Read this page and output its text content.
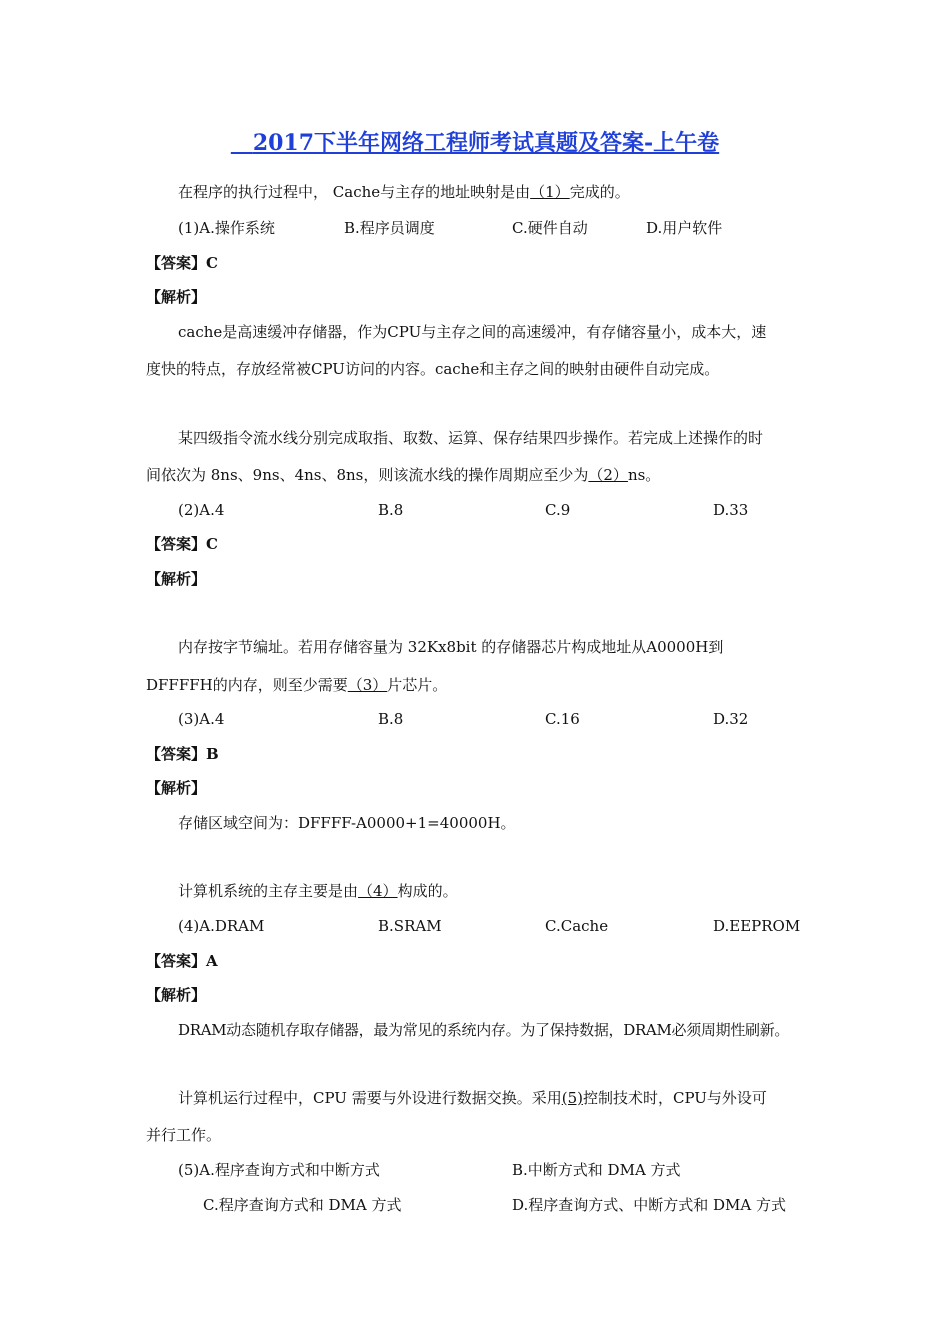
 2017下半年网络工程师考试真题及答案-上午卷
在程序的执行过程中， Cache与主存的地址映射是由（1）完成的。
(1)A.操作系统	B.程序员调度	C.硬件自动	D.用户软件
【答案】C
【解析】
cache是高速缓冲存储器，作为CPU与主存之间的高速缓冲，有存储容量小，成本大，速
度快的特点，存放经常被CPU访问的内容。cache和主存之间的映射由硬件自动完成。
某四级指令流水线分别完成取指、取数、运算、保存结果四步操作。若完成上述操作的时
间依次为 8ns、9ns、4ns、8ns，则该流水线的操作周期应至少为（2）ns。
(2)A.4	B.8	C.9	D.33
【答案】C
【解析】
内存按字节编址。若用存储容量为 32Kx8bit 的存储器芯片构成地址从A0000H到
DFFFFH的内存，则至少需要（3）片芯片。
(3)A.4	B.8	C.16	D.32
【答案】B
【解析】
存储区域空间为：DFFFF-A0000+1=40000H。
计算机系统的主存主要是由（4）构成的。
(4)A.DRAM	B.SRAM	C.Cache	D.EEPROM
【答案】A
【解析】
DRAM动态随机存取存储器，最为常见的系统内存。为了保持数据，DRAM必须周期性刷新。
计算机运行过程中，CPU 需要与外设进行数据交换。采用(5)控制技术时，CPU与外设可
并行工作。
(5)A.程序查询方式和中断方式	B.中断方式和 DMA 方式
C.程序查询方式和 DMA 方式	D.程序查询方式、中断方式和 DMA 方式
